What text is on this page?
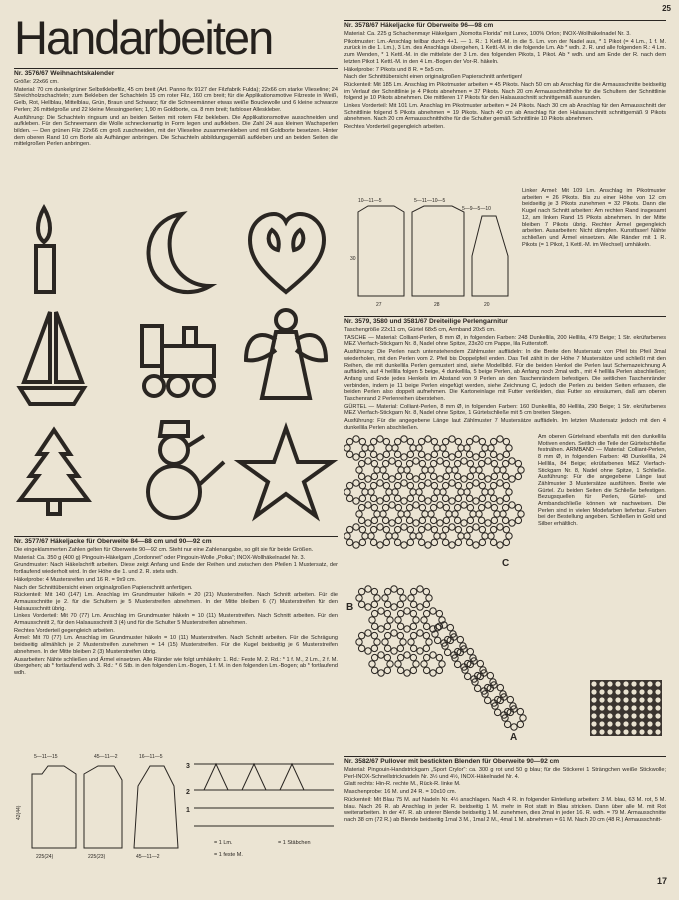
Handarbeiten
Nr. 3576/67 Weihnachtskalender

Größe: 22x66 cm.

Material: 70 cm dunkelgrüner Selbstklebefilz, 45 cm breit (Art. Panno fix 9127 der Filzfabrik Fulda); 22x66 cm starke Vlieseline; 24 Streichholzschachteln; zum Bekleben der Schachteln 15 cm roter Filz, 160 cm breit; für die Applikationsmotive Filzreste in Weiß, Gelb, Rot, Hellblau, Mittelblau, Grün, Braun und Schwarz; für die Schneemänner etwas weiße Bouclewolle und 6 kleine schwarze Perlen; 26 mittelgroße und 22 kleine Messingperlen; 1,90 m Goldborte, ca. 8 mm breit; farbloser Alleskleber.

Ausführung: Die Schachteln ringsum und an beiden Seiten mit rotem Filz bekleben. Die Applikationsmotive ausschneiden und aufkleben. Für den Schneemann die Wolle schneckenartig in Form legen und aufkleben. Die Zahl 24 aus kleinen Wachsperlen bilden. — Den grünen Filz 22x66 cm groß zuschneiden, mit der Vlieseline zusammenkleben und mit Goldborte besetzen. Hinter dem oberen Rand 10 cm Borte als Aufhänger anbringen. Die Schachteln abbildungsgemäß aufkleben und an beiden Seiten die mittelgroßen Perlen anbringen.

Nr. 3577/67 Häkeljacke für Oberweite 84—88 cm und 90—92 cm

Die eingeklammerten Zahlen gelten für Oberweite 90—92 cm. Steht nur eine Zahlenangabe, so gilt sie für beide Größen.

Material: Ca. 350 g (400 g) Pingouin-Häkelgarn „Cordonnet“ oder Pingouin-Wolle „Polka“; INOX-Wollhäkelnadel Nr. 3.

Grundmuster: Nach Häkelschrift arbeiten. Diese zeigt Anfang und Ende der Reihen und zwischen den Pfeilen 1 Mustersatz, der fortlaufend wiederholt wird. In der Höhe die 1. und 2. R. stets wdh.

Häkelprobe: 4 Mustersreifen und 16 R. = 9x9 cm.

Nach der Schnittübersicht einen originalgroßen Papierschnitt anfertigen.

Rückenteil: Mit 140 (147) Lm. Anschlag im Grundmuster häkeln = 20 (21) Musterstreifen. Nach Schnitt arbeiten. Für die Armausschnitte je 2. für die Schultern je 5 Musterstreifen abnehmen. In der Mitte bleiben 6 (7) Musterstreifen für den Halsausschnitt übrig.

Linkes Vorderteil: Mit 70 (77) Lm. Anschlag im Grundmuster häkeln = 10 (11) Musterstreifen. Nach Schnitt arbeiten. Für den Armausschnitt 2, für den Halsausschnitt 3 (4) und für die Schulter 5 Musterstreifen abnehmen.

Rechtes Vorderteil gegengleich arbeiten.

Ärmel: Mit 70 (77) Lm. Anschlag im Grundmuster häkeln = 10 (11) Musterstreifen. Nach Schnitt arbeiten. Für die Schrägung beidseitig allmählich je 2 Musterstreifen zunehmen = 14 (15) Musterstreifen. Für die Kugel beidseitig je 6 Musterstreifen abnehmen. In der Mitte bleiben 2 (3) Musterstreifen übrig.

Ausarbeiten: Nähte schließen und Ärmel einsetzen. Alle Ränder wie folgt umhäkeln: 1. Rd.: Feste M. 2. Rd.: * 1 f. M., 2 Lm., 2 f. M. übergehen; ab * fortlaufend wdh. 3. Rd.: * 6 Stb. in den folgenden Lm.-Bogen, 1 f. M. in den folgenden Lm.-Bogen; ab * fortlaufend wdh.

5—11—15	45—11—2	16—11—5
225(24)	225(23)	45—11—2
42(44)
3
2
1
= 1 Lm.	= 1 Stäbchen
= 1 feste M.
Nr. 3578/67 Häkeljacke für Oberweite 96—98 cm

Material: Ca. 225 g Schachenmayr Häkelgarn „Nomotta Florida“ mit Lurex, 100% Orlon; INOX-Wollhäkelnadel Nr. 3.

Pikotmuster: Lm.-Anschlag teilbar durch 4+1. — 1. R.: 1 Kettl.-M. in die 5. Lm. von der Nadel aus, * 1 Pikot (= 4 Lm., 1 f. M. zurück in die 1. Lm.), 3 Lm. des Anschlags übergehen, 1 Kettl.-M. in die folgende Lm. Ab * wdh. 2. R. und alle folgenden R.: 4 Lm. zum Wenden, * 1 Kettl.-M. in die mittelste der 3 Lm. des folgenden Pikots, 1 Pikot. Ab * wdh. und am Ende der R. nach dem letzten Pikot 1 Kettl.-M. in den 4 Lm.-Bogen der Vor-R. häkeln.

Häkelprobe: 7 Pikots und 8 R. = 5x5 cm.

Nach der Schnittübersicht einen originalgroßen Papierschnitt anfertigen!

Rückenteil: Mit 185 Lm. Anschlag im Pikotmuster arbeiten = 45 Pikots. Nach 50 cm ab Anschlag für die Armausschnitte beidseitig im Verlauf der Schnittlinie je 4 Pikots abnehmen = 37 Pikots. Nach 20 cm Armausschnitthöhe für die Schultern der Schnittlinie folgend je 10 Pikots abnehmen. Die mittleren 17 Pikots für den Halsausschnitt schnittgemäß ausrunden.

Linkes Vorderteil: Mit 101 Lm. Anschlag im Pikotmuster arbeiten = 24 Pikots. Nach 30 cm ab Anschlag für den Armausschnitt der Schnittlinie folgend 5 Pikots abnehmen = 19 Pikots. Nach 40 cm ab Anschlag für den Halsausschnitt schnittgemäß 9 Pikots abnehmen. Nach 20 cm Armausschnitthöhe für die Schulter gemäß Schnittlinie 10 Pikots abnehmen.

Rechtes Vorderteil gegengleich arbeiten.

10—11—5	5—11—10—5
5—9—5—10
27	28
30
20

Linker Ärmel: Mit 109 Lm. Anschlag im Pikotmuster arbeiten = 26 Pikots. Bis zu einer Höhe von 12 cm beidseitig je 3 Pikots zunehmen = 32 Pikots. Dann die Kugel nach Schnitt arbeiten: Am rechten Rand insgesamt 12, am linken Rand 15 Pikots abnehmen. In der Mitte bleiben 7 Pikots übrig. Rechter Ärmel gegengleich arbeiten. Ausarbeiten: Nicht dämpfen. Kunstfaser! Nähte schließen und Ärmel einsetzen. Alle Ränder mit 1 R. Pikots (= 1 Pikot, 1 Kettl.-M. im Wechsel) umhäkeln.

Nr. 3579, 3580 und 3581/67 Dreiteilige Perlengarnitur

Taschengröße 22x11 cm, Gürtel 68x5 cm, Armband 20x5 cm.

TASCHE — Material: Colliant-Perlen, 8 mm Ø, in folgenden Farben: 248 Dunkellila, 200 Helllila, 479 Beige; 1 Str. ekrüfarbenes MEZ Vierfach-Stickgarn Nr. 8, Nadel ohne Spitze, 23x20 cm Pappe, lila Futterstoff.

Ausführung: Die Perlen nach untenstehendem Zählmuster auffädeln: In die Breite den Mustersatz von Pfeil bis Pfeil 3mal wiederholen, mit den Perlen vom 2. Pfeil bis Doppelpfeil enden. Das Teil zählt in der Höhe 7 Mustersätze und schließt mit den Reihen, die mit dunkellila Perlen gemustert sind, siehe Modellbild. Für die beiden Henkel die Perlen laut Schemazeichnung A auffädeln, auf 4 helllila folgen 5 beige, 4 dunkellila, 5 beige Perlen, ab Anfang noch 2mal wdh., mit 4 helllila Perlen abschließen; Anfang und Ende jedes Henkels im Abstand von 9 Perlen an den Taschenrändern befestigen. Die seitlichen Taschenränder verbinden, indem je 11 beige Perlen eingefügt werden, siehe Zeichnung C, jedoch die Perlen zu beiden Seiten erfassen, die beiden Perlen also doppelt aufnehmen. Die Kartoneinlage mit Futter verkleiden, das Futter so einsäumen, daß am oberen Taschenrand 2 Perlenreihen überstehen.

GÜRTEL — Material: Colliant-Perlen, 8 mm Ø, in folgenden Farben: 160 Dunkellila, 80 Helllila, 290 Beige; 1 Str. ekrüfarbenes MEZ Vierfach-Stickgarn Nr. 8, Nadel ohne Spitze, 1 Gürtelschließe mit 5 cm breiten Stegen.

Ausführung: Für die angegebene Länge laut Zählmuster 7 Mustersätze auffädeln. Im letzten Mustersatz jedoch mit den 4 dunkellila Perlen abschließen.

C
B
A

Am oberen Gürtelrand ebenfalls mit den dunkellila Motiven enden. Seitlich die Teile der Gürtelschließe festnähen. ARMBAND — Material: Colliant-Perlen, 8 mm Ø, in folgenden Farben: 48 Dunkellila, 24 Helllila, 84 Beige; ekrüfarbenes MEZ Vierfach-Stickgarn Nr. 8, Nadel ohne Spitze, 1 Schließe. Ausführung: Für die angegebene Länge laut Zählmuster 3 Mustersätze ausführen. Breite wie Gürtel. Zu beiden Seiten die Schließe befestigen. Bezugsquellen für Perlen, Gürtel- und Armbandschließe können wir nachweisen. Die Perlen sind in vielen Modefarben lieferbar. Farben bei der Bestellung angeben. Schließen in Gold und Silber erhältlich.

Nr. 3582/67 Pullover mit bestickten Blenden für Oberweite 90—92 cm

Material: Pingouin-Handstrickgarn „Sport Crylor“: ca. 300 g rot und 50 g blau; für die Stickerei 1 Strängchen weiße Stickwolle; Perl-INOX-Schnellstricknadeln Nr. 3½ und 4½, INOX-Häkelnadel Nr. 4.

Glatt rechts: Hin-R. rechte M., Rück-R. linke M.

Maschenprobe: 16 M. und 24 R. = 10x10 cm.

Rückenteil: Mit Blau 75 M. auf Nadeln Nr. 4½ anschlagen. Nach 4 R. in folgender Einteilung arbeiten: 3 M. blau, 63 M. rot, 5 M. blau. Nach 26 R. ab Anschlag in jeder R. beidseitig 1 M. mehr in Rot statt in Blau stricken. Dann über alle M. mit Rot weiterarbeiten. In der 47. R. ab unterer Blende beidseitig 1 M. zunehmen, dies 2mal in jeder 16. R. wdh. = 79 M. Armausschnitte nach 38 cm (72 R.) ab Blende beidseitig 1mal 3 M., 1mal 2 M., 4mal 1 M. abnehmen = 61 M. Nach 20 cm (48 R.) Armausschnitt-

17
25
